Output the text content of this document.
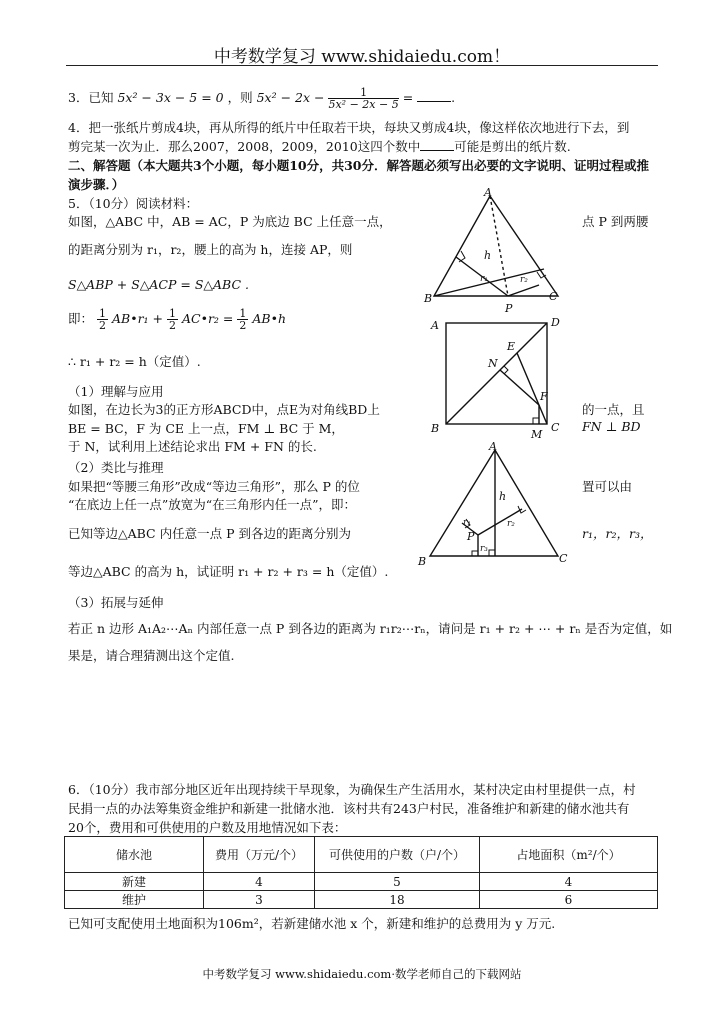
中考数学复习 www.shidaiedu.com！
3．已知 5x² − 3x − 5 = 0 ，则 $5x^2 - 2x - \frac{1}{\text{5x² − 2x − 5}}$ =	.
4．把一张纸片剪成4块，再从所得的纸片中任取若干块，每块又剪成4块，像这样依次地进行下去，到
剪完某一次为止．那么2007，2008，2009，2010这四个数中	可能是剪出的纸片数.
二、解答题（本大题共3个小题，每小题10分，共30分．解答题必须写出必要的文字说明、证明过程或推
演步骤．）
5．（10分）阅读材料：
如图，△ABC 中，AB = AC，P 为底边 BC 上任意一点，	点 P 到两腰
的距离分别为 r₁，r₂，腰上的高为 h，连接 AP，则
S△ABP + S△ACP = S△ABC .
即： $\frac{1}{2}$ AB•r₁ + $\frac{1}{2}$ AC•r₂ = $\frac{1}{2}$ AB•h
∴ r₁ + r₂ = h（定值）.
（1）理解与应用
如图，在边长为3的正方形ABCD中，点E为对角线BD上	的一点，且
BE = BC，F 为 CE 上一点，FM ⊥ BC 于 M，	FN ⊥ BD
于 N，试利用上述结论求出 FM + FN 的长.
（2）类比与推理
如果把“等腰三角形”改成“等边三角形”，那么 P 的位	置可以由
“在底边上任一点”放宽为“在三角形内任一点”，即：
已知等边△ABC 内任意一点 P 到各边的距离分别为	r₁，r₂，r₃，
等边△ABC 的高为 h，试证明 r₁ + r₂ + r₃ = h（定值）.
（3）拓展与延伸
若正 n 边形 A₁A₂⋯Aₙ 内部任意一点 P 到各边的距离为 r₁r₂⋯rₙ，请问是 r₁ + r₂ + ⋯ + rₙ 是否为定值，如
果是，请合理猜测出这个定值.
A
B	C
P
h
r₁	r₂
A	D
B	C
E
N
F
M
A
B	C
P
h
r₁	r₂
r₃
6．（10分）我市部分地区近年出现持续干旱现象，为确保生产生活用水，某村决定由村里提供一点，村
民捐一点的办法筹集资金维护和新建一批储水池．该村共有243户村民，准备维护和新建的储水池共有
20个，费用和可供使用的户数及用地情况如下表：
储水池	费用（万元/个）	可供使用的户数（户/个）	占地面积（m²/个）
新建	4	5	4
维护	3	18	6
已知可支配使用土地面积为106m²，若新建储水池 x 个，新建和维护的总费用为 y 万元.
中考数学复习 www.shidaiedu.com·数学老师自己的下载网站
